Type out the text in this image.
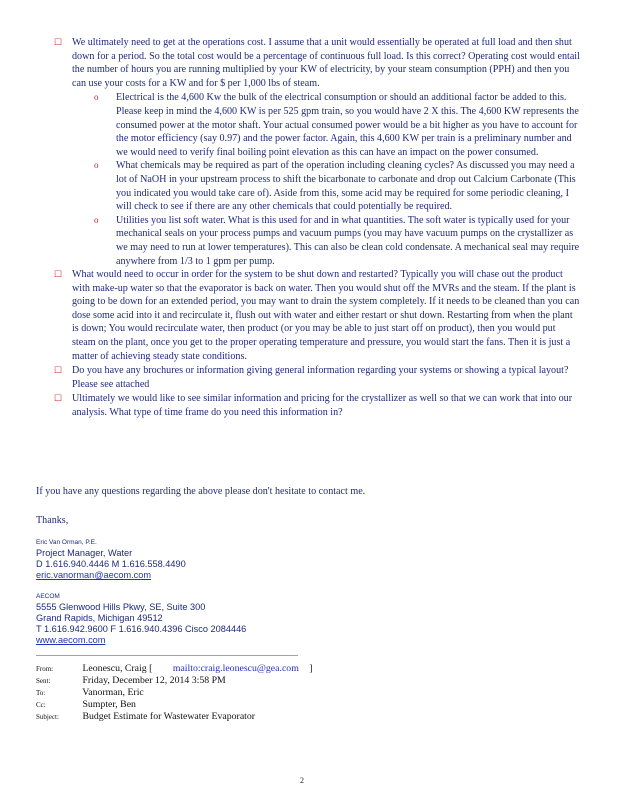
☐ We ultimately need to get at the operations cost. I assume that a unit would essentially be operated at full load and then shut down for a period. So the total cost would be a percentage of continuous full load. Is this correct? Operating cost would entail the number of hours you are running multiplied by your KW of electricity, by your steam consumption (PPH) and then you can use your costs for a KW and for $ per 1,000 lbs of steam.
o Electrical is the 4,600 Kw the bulk of the electrical consumption or should an additional factor be added to this. Please keep in mind the 4,600 KW is per 525 gpm train, so you would have 2 X this. The 4,600 KW represents the consumed power at the motor shaft. Your actual consumed power would be a bit higher as you have to account for the motor efficiency (say 0.97) and the power factor. Again, this 4,600 KW per train is a preliminary number and we would need to verify final boiling point elevation as this can have an impact on the power consumed.
o What chemicals may be required as part of the operation including cleaning cycles? As discussed you may need a lot of NaOH in your upstream process to shift the bicarbonate to carbonate and drop out Calcium Carbonate (This you indicated you would take care of). Aside from this, some acid may be required for some periodic cleaning, I will check to see if there are any other chemicals that could potentially be required.
o Utilities you list soft water. What is this used for and in what quantities. The soft water is typically used for your mechanical seals on your process pumps and vacuum pumps (you may have vacuum pumps on the crystallizer as we may need to run at lower temperatures). This can also be clean cold condensate. A mechanical seal may require anywhere from 1/3 to 1 gpm per pump.
☐ What would need to occur in order for the system to be shut down and restarted? Typically you will chase out the product with make-up water so that the evaporator is back on water. Then you would shut off the MVRs and the steam. If the plant is going to be down for an extended period, you may want to drain the system completely. If it needs to be cleaned than you can dose some acid into it and recirculate it, flush out with water and either restart or shut down. Restarting from when the plant is down; You would recirculate water, then product (or you may be able to just start off on product), then you would put steam on the plant, once you get to the proper operating temperature and pressure, you would start the fans. Then it is just a matter of achieving steady state conditions.
☐ Do you have any brochures or information giving general information regarding your systems or showing a typical layout? Please see attached
☐ Ultimately we would like to see similar information and pricing for the crystallizer as well so that we can work that into our analysis. What type of time frame do you need this information in?
If you have any questions regarding the above please don't hesitate to contact me.
Thanks,
Eric Van Orman, P.E.
Project Manager, Water
D 1.616.940.4446 M 1.616.558.4490
eric.vanorman@aecom.com
AECOM
5555 Glenwood Hills Pkwy, SE, Suite 300
Grand Rapids, Michigan 49512
T 1.616.942.9600 F 1.616.940.4396 Cisco 2084446
www.aecom.com
From:	Leonescu, Craig [ mailto:craig.leonescu@gea.com ]
Sent:	Friday, December 12, 2014 3:58 PM
To:	Vanorman, Eric
Cc:	Sumpter, Ben
Subject: Budget Estimate for Wastewater Evaporator
2
